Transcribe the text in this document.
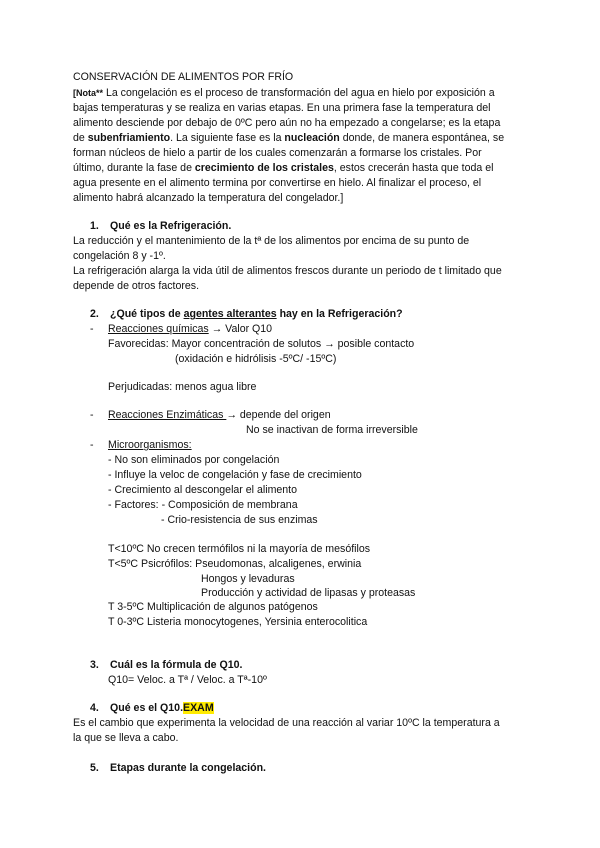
CONSERVACIÓN DE ALIMENTOS POR FRÍO
[Nota** La congelación es el proceso de transformación del agua en hielo por exposición a
bajas temperaturas y se realiza en varias etapas. En una primera fase la temperatura del
alimento desciende por debajo de 0ºC pero aún no ha empezado a congelarse; es la etapa
de subenfriamiento. La siguiente fase es la nucleación donde, de manera espontánea, se
forman núcleos de hielo a partir de los cuales comenzarán a formarse los cristales. Por
último, durante la fase de crecimiento de los cristales, estos crecerán hasta que toda el
agua presente en el alimento termina por convertirse en hielo. Al finalizar el proceso, el
alimento habrá alcanzado la temperatura del congelador.]
1. Qué es la Refrigeración.
La reducción y el mantenimiento de la tª de los alimentos por encima de su punto de
congelación 8 y -1º.
La refrigeración alarga la vida útil de alimentos frescos durante un periodo de t limitado que
depende de otros factores.
2. ¿Qué tipos de agentes alterantes hay en la Refrigeración?
- Reacciones químicas → Valor Q10
Favorecidas: Mayor concentración de solutos → posible contacto
(oxidación e hidrólisis -5ºC/ -15ºC)
Perjudicadas: menos agua libre
- Reacciones Enzimáticas → depende del origen
No se inactivan de forma irreversible
- Microorganismos:
- No son eliminados por congelación
- Influye la veloc de congelación y fase de crecimiento
- Crecimiento al descongelar el alimento
- Factores: - Composición de membrana
- Crio-resistencia de sus enzimas
T<10ºC No crecen termófilos ni la mayoría de mesófilos
T<5ºC Psicrófilos: Pseudomonas, alcaligenes, erwinia
Hongos y levaduras
Producción y actividad de lipasas y proteasas
T 3-5ºC Multiplicación de algunos patógenos
T 0-3ºC Listeria monocytogenes, Yersinia enterocolitica
3. Cuál es la fórmula de Q10.
Q10= Veloc. a Tª / Veloc. a Tª-10º
4. Qué es el Q10.EXAM
Es el cambio que experimenta la velocidad de una reacción al variar 10ºC la temperatura a
la que se lleva a cabo.
5. Etapas durante la congelación.
